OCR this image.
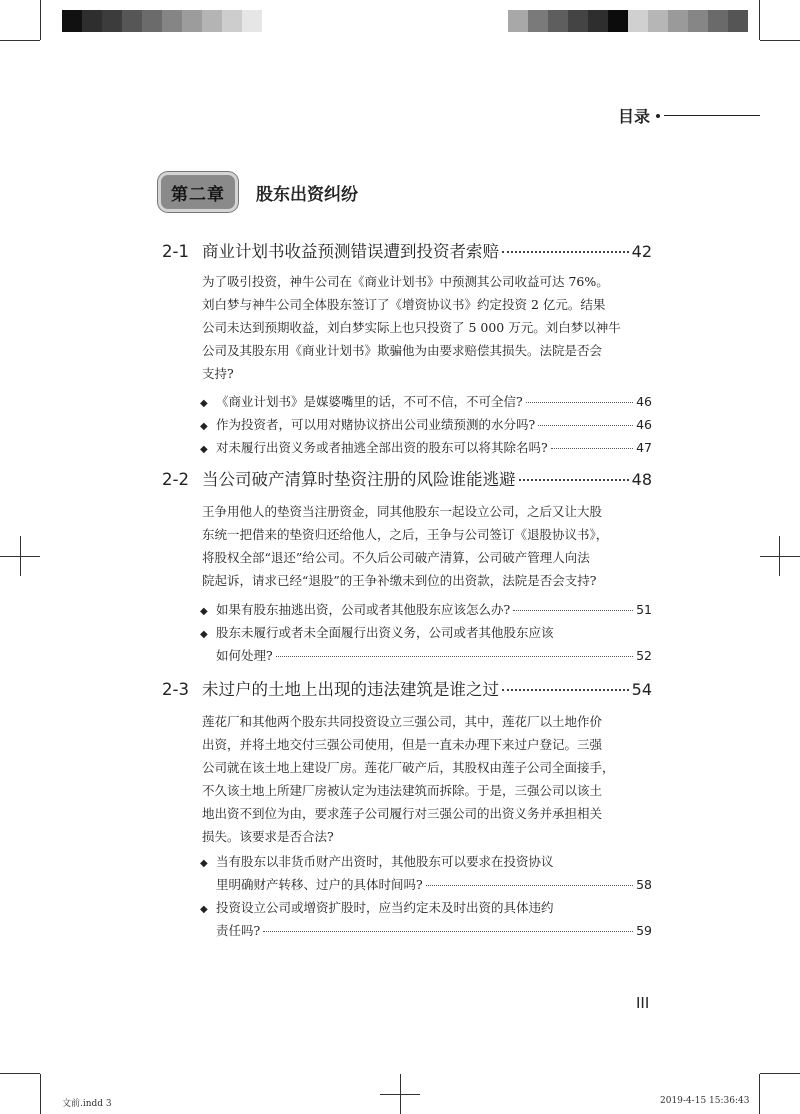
目录
第二章	股东出资纠纷
2-1 商业计划书收益预测错误遭到投资者索赔	42
为了吸引投资，神牛公司在《商业计划书》中预测其公司收益可达 76%。
刘白梦与神牛公司全体股东签订了《增资协议书》约定投资 2 亿元。结果
公司未达到预期收益，刘白梦实际上也只投资了 5 000 万元。刘白梦以神牛
公司及其股东用《商业计划书》欺骗他为由要求赔偿其损失。法院是否会
支持?
◆ 《商业计划书》是媒婆嘴里的话，不可不信，不可全信?	46
◆ 作为投资者，可以用对赌协议挤出公司业绩预测的水分吗?	46
◆ 对未履行出资义务或者抽逃全部出资的股东可以将其除名吗?	47
2-2 当公司破产清算时垫资注册的风险谁能逃避	48
王争用他人的垫资当注册资金，同其他股东一起设立公司，之后又让大股
东统一把借来的垫资归还给他人，之后，王争与公司签订《退股协议书》，
将股权全部“退还”给公司。不久后公司破产清算，公司破产管理人向法
院起诉，请求已经“退股”的王争补缴未到位的出资款，法院是否会支持?
◆ 如果有股东抽逃出资，公司或者其他股东应该怎么办?	51
◆ 股东未履行或者未全面履行出资义务，公司或者其他股东应该
如何处理?	52
2-3 未过户的土地上出现的违法建筑是谁之过	54
莲花厂和其他两个股东共同投资设立三强公司，其中，莲花厂以土地作价
出资，并将土地交付三强公司使用，但是一直未办理下来过户登记。三强
公司就在该土地上建设厂房。莲花厂破产后，其股权由莲子公司全面接手，
不久该土地上所建厂房被认定为违法建筑而拆除。于是，三强公司以该土
地出资不到位为由，要求莲子公司履行对三强公司的出资义务并承担相关
损失。该要求是否合法?
◆ 当有股东以非货币财产出资时，其他股东可以要求在投资协议
里明确财产转移、过户的具体时间吗?	58
◆ 投资设立公司或增资扩股时，应当约定未及时出资的具体违约
责任吗?	59
III
文前.indd 3	2019-4-15 15:36:43
